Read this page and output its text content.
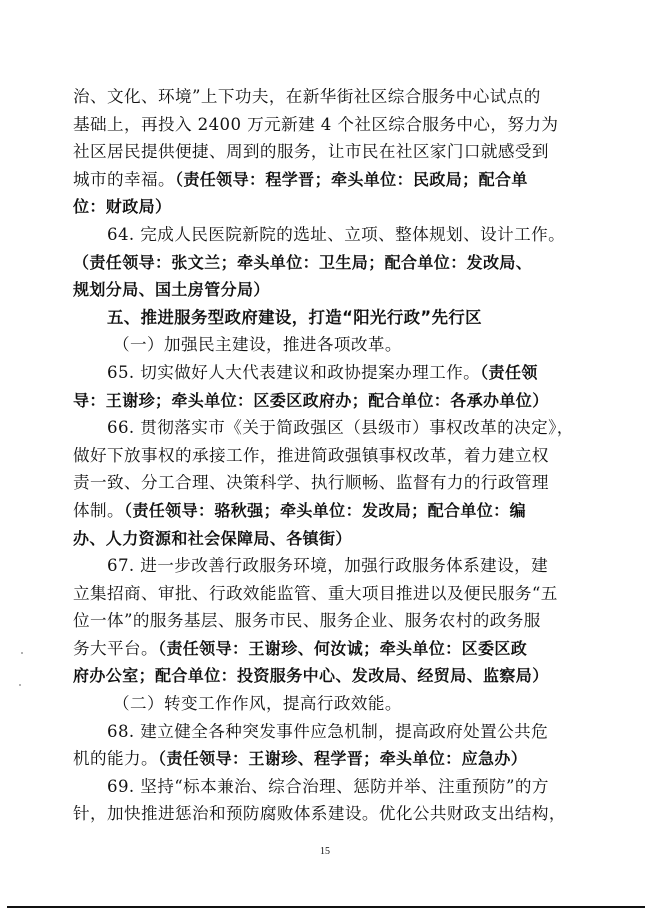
治、文化、环境”上下功夫，在新华街社区综合服务中心试点的
基础上，再投入 2400 万元新建 4 个社区综合服务中心，努力为
社区居民提供便捷、周到的服务，让市民在社区家门口就感受到
城市的幸福。（责任领导：程学晋；牵头单位：民政局；配合单
位：财政局）
64. 完成人民医院新院的选址、立项、整体规划、设计工作。
（责任领导：张文兰；牵头单位：卫生局；配合单位：发改局、
规划分局、国土房管分局）
五、推进服务型政府建设，打造“阳光行政”先行区
（一）加强民主建设，推进各项改革。
65. 切实做好人大代表建议和政协提案办理工作。（责任领
导：王谢珍；牵头单位：区委区政府办；配合单位：各承办单位）
66. 贯彻落实市《关于简政强区（县级市）事权改革的决定》，
做好下放事权的承接工作，推进简政强镇事权改革，着力建立权
责一致、分工合理、决策科学、执行顺畅、监督有力的行政管理
体制。（责任领导：骆秋强；牵头单位：发改局；配合单位：编
办、人力资源和社会保障局、各镇街）
67. 进一步改善行政服务环境，加强行政服务体系建设，建
立集招商、审批、行政效能监管、重大项目推进以及便民服务“五
位一体”的服务基层、服务市民、服务企业、服务农村的政务服
务大平台。（责任领导：王谢珍、何汝诚；牵头单位：区委区政
府办公室；配合单位：投资服务中心、发改局、经贸局、监察局）
（二）转变工作作风，提高行政效能。
68. 建立健全各种突发事件应急机制，提高政府处置公共危
机的能力。（责任领导：王谢珍、程学晋；牵头单位：应急办）
69. 坚持“标本兼治、综合治理、惩防并举、注重预防”的方
针，加快推进惩治和预防腐败体系建设。优化公共财政支出结构，
15
